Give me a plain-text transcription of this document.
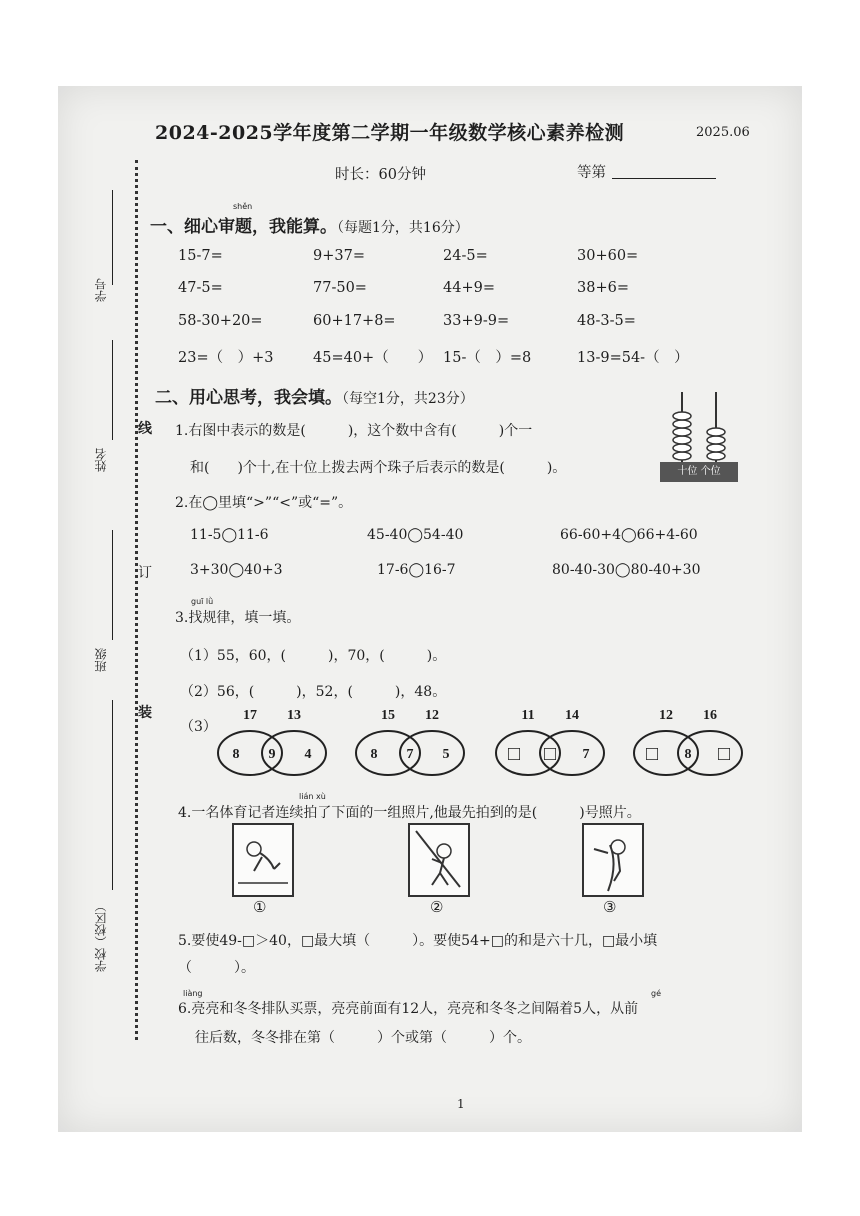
2024-2025学年度第二学期一年级数学核心素养检测	2025.06
时长：60分钟	等第
学号
姓名
班级
学校（校区）
线
订
装
shěn
一、细心审题，我能算。（每题1分，共16分）
15-7=	9+37=	24-5=	30+60=
47-5=	77-50=	44+9=	38+6=
58-30+20=	60+17+8=	33+9-9=	48-3-5=
23=（　）+3	45=40+（　　） 15-（　）=8	13-9=54-（　）
二、用心思考，我会填。（每空1分，共23分）
1.右图中表示的数是(　　　)，这个数中含有(　　　)个一
和(　　)个十,在十位上拨去两个珠子后表示的数是(　　　)。	十位 个位
2.在◯里填“>”“<”或“=”。
11-5◯11-6	45-40◯54-40	66-60+4◯66+4-60
3+30◯40+3	17-6◯16-7	80-40-30◯80-40+30
guī lǜ
3.找规律，填一填。
（1）55，60，(　　　)，70，(　　　)。
（2）56，(　　　)，52，(　　　)，48。
（3）
17 13
8 9 4
15 12
8 7 5
11 14
□ □ 7
12 16
□ 8 □
lián xù
4.一名体育记者连续拍了下面的一组照片,他最先拍到的是(　　　)号照片。
①	②	③
5.要使49-□＞40，□最大填（　　　）。要使54+□的和是六十几，□最小填
（　　　）。
liàng	gé
6.亮亮和冬冬排队买票，亮亮前面有12人，亮亮和冬冬之间隔着5人，从前
往后数，冬冬排在第（　　　）个或第（　　　）个。
1
